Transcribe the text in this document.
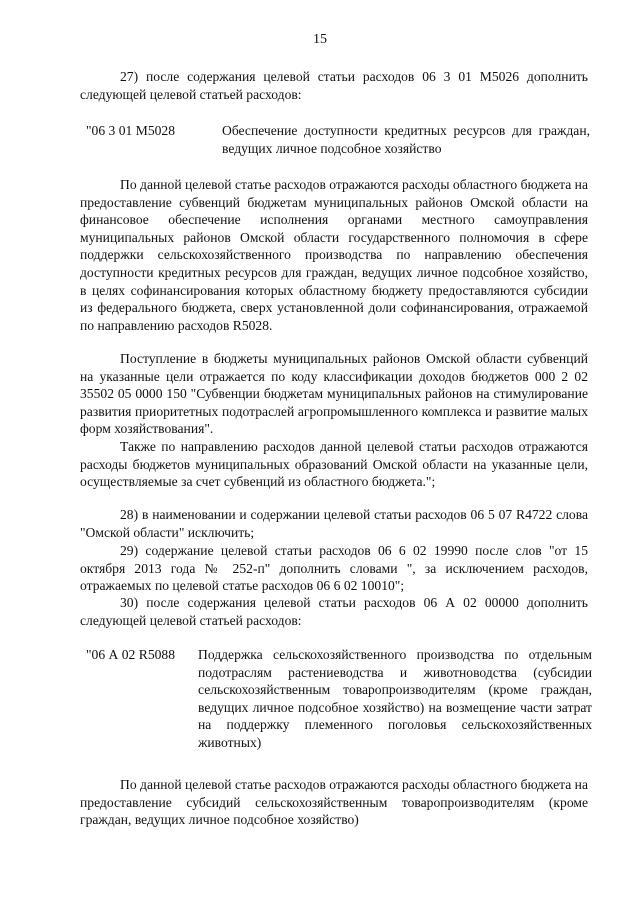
15
27) после содержания целевой статьи расходов 06 3 01 М5026 дополнить следующей целевой статьей расходов:
"06 3 01 М5028	Обеспечение доступности кредитных ресурсов для граждан, ведущих личное подсобное хозяйство
По данной целевой статье расходов отражаются расходы областного бюджета на предоставление субвенций бюджетам муниципальных районов Омской области на финансовое обеспечение исполнения органами местного самоуправления муниципальных районов Омской области государственного полномочия в сфере поддержки сельскохозяйственного производства по направлению обеспечения доступности кредитных ресурсов для граждан, ведущих личное подсобное хозяйство, в целях софинансирования которых областному бюджету предоставляются субсидии из федерального бюджета, сверх установленной доли софинансирования, отражаемой по направлению расходов R5028.
Поступление в бюджеты муниципальных районов Омской области субвенций на указанные цели отражается по коду классификации доходов бюджетов 000 2 02 35502 05 0000 150 "Субвенции бюджетам муниципальных районов на стимулирование развития приоритетных подотраслей агропромышленного комплекса и развитие малых форм хозяйствования".
Также по направлению расходов данной целевой статьи расходов отражаются расходы бюджетов муниципальных образований Омской области на указанные цели, осуществляемые за счет субвенций из областного бюджета.";
28) в наименовании и содержании целевой статьи расходов 06 5 07 R4722 слова "Омской области" исключить;
29) содержание целевой статьи расходов 06 6 02 19990 после слов "от 15 октября 2013 года № 252-п" дополнить словами ", за исключением расходов, отражаемых по целевой статье расходов 06 6 02 10010";
30) после содержания целевой статьи расходов 06 А 02 00000 дополнить следующей целевой статьей расходов:
"06 А 02 R5088 Поддержка сельскохозяйственного производства по отдельным подотраслям растениеводства и животноводства (субсидии сельскохозяйственным товаропроизводителям (кроме граждан, ведущих личное подсобное хозяйство) на возмещение части затрат на поддержку племенного поголовья сельскохозяйственных животных)
По данной целевой статье расходов отражаются расходы областного бюджета на предоставление субсидий сельскохозяйственным товаропроизводителям (кроме граждан, ведущих личное подсобное хозяйство)
